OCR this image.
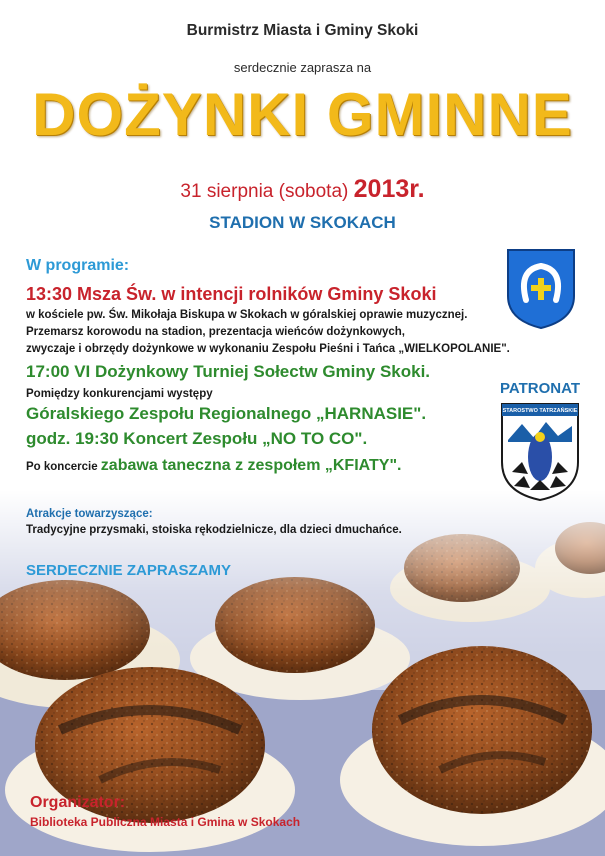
Burmistrz Miasta i Gminy Skoki
serdecznie zaprasza na
DOŻYNKI GMINNE
31 sierpnia (sobota) 2013r.
STADION W SKOKACH
W programie:
13:30 Msza Św. w intencji rolników Gminy Skoki
w kościele pw. Św. Mikołaja Biskupa w Skokach w góralskiej oprawie muzycznej.
Przemarsz korowodu na stadion, prezentacja wieńców dożynkowych,
zwyczaje i obrzędy dożynkowe w wykonaniu Zespołu Pieśni i Tańca „WIELKOPOLANIE".
17:00 VI Dożynkowy Turniej Sołectw Gminy Skoki.
Pomiędzy konkurencjami występy
Góralskiego Zespołu Regionalnego „HARNASIE".
godz. 19:30 Koncert Zespołu „NO TO CO".
Po koncercie zabawa taneczna z zespołem „KFIATY".
Atrakcje towarzyszące:
Tradycyjne przysmaki, stoiska rękodzielnicze, dla dzieci dmuchańce.
SERDECZNIE ZAPRASZAMY
PATRONAT
STAROSTWO TATRZAŃSKIE
Organizator:
Biblioteka Publiczna Miasta i Gmina w Skokach
